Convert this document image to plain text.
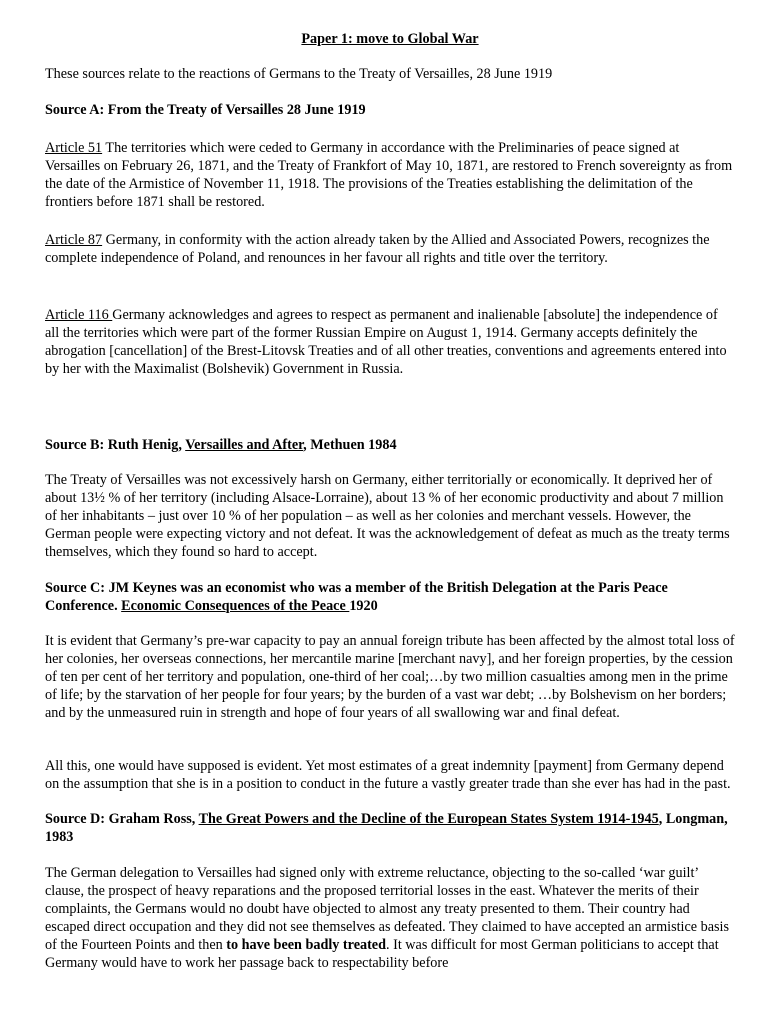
Paper 1: move to Global War

These sources relate to the reactions of Germans to the Treaty of Versailles, 28 June 1919

Source A: From the Treaty of Versailles 28 June 1919

Article 51 The territories which were ceded to Germany in accordance with the Preliminaries of peace signed at Versailles on February 26, 1871, and the Treaty of Frankfort of May 10, 1871, are restored to French sovereignty as from the date of the Armistice of November 11, 1918. The provisions of the Treaties establishing the delimitation of the frontiers before 1871 shall be restored.

Article 87 Germany, in conformity with the action already taken by the Allied and Associated Powers, recognizes the complete independence of Poland, and renounces in her favour all rights and title over the territory.

Article 116 Germany acknowledges and agrees to respect as permanent and inalienable [absolute] the independence of all the territories which were part of the former Russian Empire on August 1, 1914. Germany accepts definitely the abrogation [cancellation] of the Brest-Litovsk Treaties and of all other treaties, conventions and agreements entered into by her with the Maximalist (Bolshevik) Government in Russia.

Source B: Ruth Henig, Versailles and After, Methuen 1984

The Treaty of Versailles was not excessively harsh on Germany, either territorially or economically. It deprived her of about 13½ % of her territory (including Alsace-Lorraine), about 13 % of her economic productivity and about 7 million of her inhabitants – just over 10 % of her population – as well as her colonies and merchant vessels. However, the German people were expecting victory and not defeat. It was the acknowledgement of defeat as much as the treaty terms themselves, which they found so hard to accept.

Source C: JM Keynes was an economist who was a member of the British Delegation at the Paris Peace Conference. Economic Consequences of the Peace 1920

It is evident that Germany’s pre-war capacity to pay an annual foreign tribute has been affected by the almost total loss of her colonies, her overseas connections, her mercantile marine [merchant navy], and her foreign properties, by the cession of ten per cent of her territory and population, one-third of her coal;…by two million casualties among men in the prime of life; by the starvation of her people for four years; by the burden of a vast war debt; …by Bolshevism on her borders; and by the unmeasured ruin in strength and hope of four years of all swallowing war and final defeat.

All this, one would have supposed is evident. Yet most estimates of a great indemnity [payment] from Germany depend on the assumption that she is in a position to conduct in the future a vastly greater trade than she ever has had in the past.

Source D: Graham Ross, The Great Powers and the Decline of the European States System 1914-1945, Longman, 1983

The German delegation to Versailles had signed only with extreme reluctance, objecting to the so-called ‘war guilt’ clause, the prospect of heavy reparations and the proposed territorial losses in the east. Whatever the merits of their complaints, the Germans would no doubt have objected to almost any treaty presented to them. Their country had escaped direct occupation and they did not see themselves as defeated. They claimed to have accepted an armistice basis of the Fourteen Points and then to have been badly treated. It was difficult for most German politicians to accept that Germany would have to work her passage back to respectability before
